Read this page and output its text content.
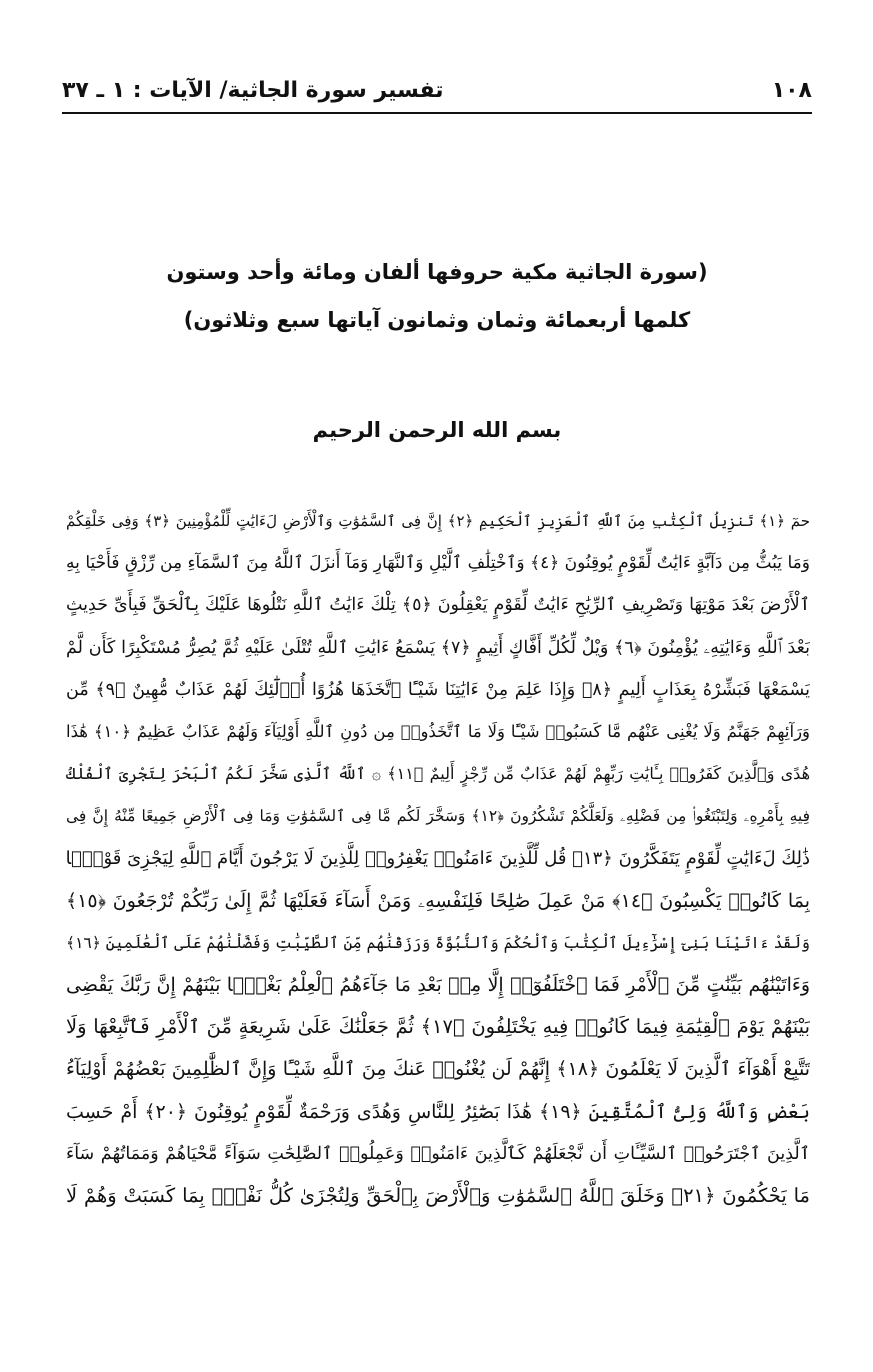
١٠٨
تفسير سورة الجاثية/ الآيات : ١ ـ ٣٧
(سورة الجاثية مكية حروفها ألفان ومائة وأحد وستون
كلمها أربعمائة وثمان وثمانون آياتها سبع وثلاثون)
بسم الله الرحمن الرحيم
حمٓ ﴿١﴾ تَنزِيلُ ٱلْكِتَٰبِ مِنَ ٱللَّهِ ٱلْعَزِيزِ ٱلْحَكِيمِ ﴿٢﴾ إِنَّ فِى ٱلسَّمَٰوَٰتِ وَٱلْأَرْضِ لَءَايَٰتٍ لِّلْمُؤْمِنِينَ ﴿٣﴾ وَفِى خَلْقِكُمْ
وَمَا يَبُثُّ مِن دَآبَّةٍ ءَايَٰتٌ لِّقَوْمٍ يُوقِنُونَ ﴿٤﴾ وَٱخْتِلَٰفِ ٱلَّيْلِ وَٱلنَّهَارِ وَمَآ أَنزَلَ ٱللَّهُ مِنَ ٱلسَّمَآءِ مِن رِّزْقٍ فَأَحْيَا بِهِ
ٱلْأَرْضَ بَعْدَ مَوْتِهَا وَتَصْرِيفِ ٱلرِّيَٰحِ ءَايَٰتٌ لِّقَوْمٍ يَعْقِلُونَ ﴿٥﴾ تِلْكَ ءَايَٰتُ ٱللَّهِ نَتْلُوهَا عَلَيْكَ بِٱلْحَقِّ فَبِأَىِّ حَدِيثٍ
بَعْدَ ٱللَّهِ وَءَايَٰتِهِۦ يُؤْمِنُونَ ﴿٦﴾ وَيْلٌ لِّكُلِّ أَفَّاكٍ أَثِيمٍ ﴿٧﴾ يَسْمَعُ ءَايَٰتِ ٱللَّهِ تُتْلَىٰ عَلَيْهِ ثُمَّ يُصِرُّ مُسْتَكْبِرًا كَأَن لَّمْ
يَسْمَعْهَا فَبَشِّرْهُ بِعَذَابٍ أَلِيمٍ ﴿٨﴾ وَإِذَا عَلِمَ مِنْ ءَايَٰتِنَا شَيْـًٔا ٱتَّخَذَهَا هُزُوًا أُو۟لَٰٓئِكَ لَهُمْ عَذَابٌ مُّهِينٌ ﴿٩﴾ مِّن
وَرَآئِهِمْ جَهَنَّمُ وَلَا يُغْنِى عَنْهُم مَّا كَسَبُوا۟ شَيْـًٔا وَلَا مَا ٱتَّخَذُوا۟ مِن دُونِ ٱللَّهِ أَوْلِيَآءَ وَلَهُمْ عَذَابٌ عَظِيمٌ ﴿١٠﴾ هَٰذَا
هُدًى وَٱلَّذِينَ كَفَرُوا۟ بِـَٔايَٰتِ رَبِّهِمْ لَهُمْ عَذَابٌ مِّن رِّجْزٍ أَلِيمٌ ﴿١١﴾ ۞ ٱللَّهُ ٱلَّذِى سَخَّرَ لَكُمُ ٱلْبَحْرَ لِتَجْرِىَ ٱلْفُلْكُ
فِيهِ بِأَمْرِهِۦ وَلِتَبْتَغُوا۟ مِن فَضْلِهِۦ وَلَعَلَّكُمْ تَشْكُرُونَ ﴿١٢﴾ وَسَخَّرَ لَكُم مَّا فِى ٱلسَّمَٰوَٰتِ وَمَا فِى ٱلْأَرْضِ جَمِيعًا مِّنْهُ إِنَّ فِى
ذَٰلِكَ لَءَايَٰتٍ لِّقَوْمٍ يَتَفَكَّرُونَ ﴿١٣﴾ قُل لِّلَّذِينَ ءَامَنُوا۟ يَغْفِرُوا۟ لِلَّذِينَ لَا يَرْجُونَ أَيَّامَ ٱللَّهِ لِيَجْزِىَ قَوْمًۢا
بِمَا كَانُوا۟ يَكْسِبُونَ ﴿١٤﴾ مَنْ عَمِلَ صَٰلِحًا فَلِنَفْسِهِۦ وَمَنْ أَسَآءَ فَعَلَيْهَا ثُمَّ إِلَىٰ رَبِّكُمْ تُرْجَعُونَ ﴿١٥﴾
وَلَقَدْ ءَاتَيْنَا بَنِىٓ إِسْرَٰٓءِيلَ ٱلْكِتَٰبَ وَٱلْحُكْمَ وَٱلنُّبُوَّةَ وَرَزَقْنَٰهُم مِّنَ ٱلطَّيِّبَٰتِ وَفَضَّلْنَٰهُمْ عَلَى ٱلْعَٰلَمِينَ ﴿١٦﴾
وَءَاتَيْنَٰهُم بَيِّنَٰتٍ مِّنَ ٱلْأَمْرِ فَمَا ٱخْتَلَفُوٓا۟ إِلَّا مِنۢ بَعْدِ مَا جَآءَهُمُ ٱلْعِلْمُ بَغْيًۢا بَيْنَهُمْ إِنَّ رَبَّكَ يَقْضِى
بَيْنَهُمْ يَوْمَ ٱلْقِيَٰمَةِ فِيمَا كَانُوا۟ فِيهِ يَخْتَلِفُونَ ﴿١٧﴾ ثُمَّ جَعَلْنَٰكَ عَلَىٰ شَرِيعَةٍ مِّنَ ٱلْأَمْرِ فَٱتَّبِعْهَا وَلَا
تَتَّبِعْ أَهْوَآءَ ٱلَّذِينَ لَا يَعْلَمُونَ ﴿١٨﴾ إِنَّهُمْ لَن يُغْنُوا۟ عَنكَ مِنَ ٱللَّهِ شَيْـًٔا وَإِنَّ ٱلظَّٰلِمِينَ بَعْضُهُمْ أَوْلِيَآءُ
بَعْضٍ وَٱللَّهُ وَلِىُّ ٱلْمُتَّقِينَ ﴿١٩﴾ هَٰذَا بَصَٰٓئِرُ لِلنَّاسِ وَهُدًى وَرَحْمَةٌ لِّقَوْمٍ يُوقِنُونَ ﴿٢٠﴾ أَمْ حَسِبَ
ٱلَّذِينَ ٱجْتَرَحُوا۟ ٱلسَّيِّـَٔاتِ أَن نَّجْعَلَهُمْ كَٱلَّذِينَ ءَامَنُوا۟ وَعَمِلُوا۟ ٱلصَّٰلِحَٰتِ سَوَآءً مَّحْيَاهُمْ وَمَمَاتُهُمْ سَآءَ
مَا يَحْكُمُونَ ﴿٢١﴾ وَخَلَقَ ٱللَّهُ ٱلسَّمَٰوَٰتِ وَٱلْأَرْضَ بِٱلْحَقِّ وَلِتُجْزَىٰ كُلُّ نَفْسٍۭ بِمَا كَسَبَتْ وَهُمْ لَا
